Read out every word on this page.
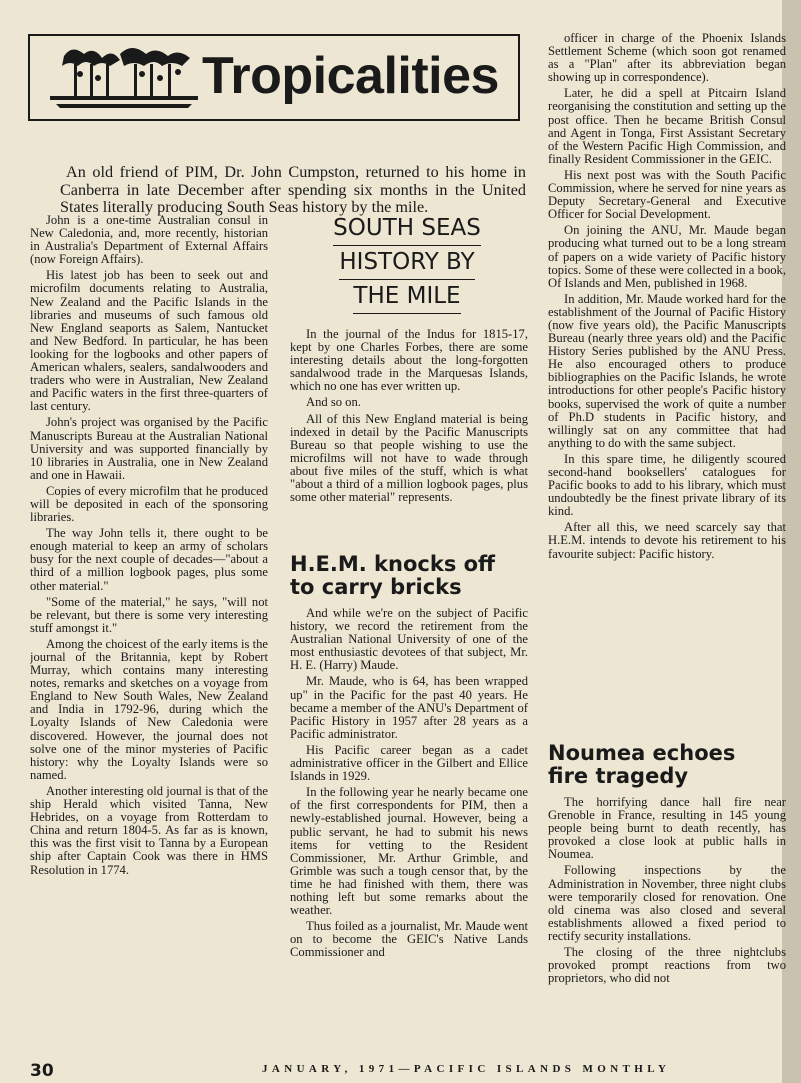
Tropicalities

An old friend of PIM, Dr. John Cumpston, returned to his home in Canberra in late December after spending six months in the United States literally producing South Seas history by the mile.

John is a one-time Australian consul in New Caledonia, and, more recently, historian in Australia's Department of External Affairs (now Foreign Affairs).

His latest job has been to seek out and microfilm documents relating to Australia, New Zealand and the Pacific Islands in the libraries and museums of such famous old New England seaports as Salem, Nantucket and New Bedford. In particular, he has been looking for the logbooks and other papers of American whalers, sealers, sandalwooders and traders who were in Australian, New Zealand and Pacific waters in the first three-quarters of last century.

John's project was organised by the Pacific Manuscripts Bureau at the Australian National University and was supported financially by 10 libraries in Australia, one in New Zealand and one in Hawaii.

Copies of every microfilm that he produced will be deposited in each of the sponsoring libraries.

The way John tells it, there ought to be enough material to keep an army of scholars busy for the next couple of decades—"about a third of a million logbook pages, plus some other material."

"Some of the material," he says, "will not be relevant, but there is some very interesting stuff amongst it."

Among the choicest of the early items is the journal of the Britannia, kept by Robert Murray, which contains many interesting notes, remarks and sketches on a voyage from England to New South Wales, New Zealand and India in 1792-96, during which the Loyalty Islands of New Caledonia were discovered. However, the journal does not solve one of the minor mysteries of Pacific history: why the Loyalty Islands were so named.

Another interesting old journal is that of the ship Herald which visited Tanna, New Hebrides, on a voyage from Rotterdam to China and return 1804-5. As far as is known, this was the first visit to Tanna by a European ship after Captain Cook was there in HMS Resolution in 1774.

SOUTH SEAS
HISTORY BY
THE MILE

In the journal of the Indus for 1815-17, kept by one Charles Forbes, there are some interesting details about the long-forgotten sandalwood trade in the Marquesas Islands, which no one has ever written up.

And so on.

All of this New England material is being indexed in detail by the Pacific Manuscripts Bureau so that people wishing to use the microfilms will not have to wade through about five miles of the stuff, which is what "about a third of a million logbook pages, plus some other material" represents.

H.E.M. knocks off
to carry bricks

And while we're on the subject of Pacific history, we record the retirement from the Australian National University of one of the most enthusiastic devotees of that subject, Mr. H. E. (Harry) Maude.

Mr. Maude, who is 64, has been wrapped up" in the Pacific for the past 40 years. He became a member of the ANU's Department of Pacific History in 1957 after 28 years as a Pacific administrator.

His Pacific career began as a cadet administrative officer in the Gilbert and Ellice Islands in 1929.

In the following year he nearly became one of the first correspondents for PIM, then a newly-established journal. However, being a public servant, he had to submit his news items for vetting to the Resident Commissioner, Mr. Arthur Grimble, and Grimble was such a tough censor that, by the time he had finished with them, there was nothing left but some remarks about the weather.

Thus foiled as a journalist, Mr. Maude went on to become the GEIC's Native Lands Commissioner and

officer in charge of the Phoenix Islands Settlement Scheme (which soon got renamed as a "Plan" after its abbreviation began showing up in correspondence).

Later, he did a spell at Pitcairn Island reorganising the constitution and setting up the post office. Then he became British Consul and Agent in Tonga, First Assistant Secretary of the Western Pacific High Commission, and finally Resident Commissioner in the GEIC.

His next post was with the South Pacific Commission, where he served for nine years as Deputy Secretary-General and Executive Officer for Social Development.

On joining the ANU, Mr. Maude began producing what turned out to be a long stream of papers on a wide variety of Pacific history topics. Some of these were collected in a book, Of Islands and Men, published in 1968.

In addition, Mr. Maude worked hard for the establishment of the Journal of Pacific History (now five years old), the Pacific Manuscripts Bureau (nearly three years old) and the Pacific History Series published by the ANU Press. He also encouraged others to produce bibliographies on the Pacific Islands, he wrote introductions for other people's Pacific history books, supervised the work of quite a number of Ph.D students in Pacific history, and willingly sat on any committee that had anything to do with the same subject.

In this spare time, he diligently scoured second-hand booksellers' catalogues for Pacific books to add to his library, which must undoubtedly be the finest private library of its kind.

After all this, we need scarcely say that H.E.M. intends to devote his retirement to his favourite subject: Pacific history.

Noumea echoes
fire tragedy

The horrifying dance hall fire near Grenoble in France, resulting in 145 young people being burnt to death recently, has provoked a close look at public halls in Noumea.

Following inspections by the Administration in November, three night clubs were temporarily closed for renovation. One old cinema was also closed and several establishments allowed a fixed period to rectify security installations.

The closing of the three nightclubs provoked prompt reactions from two proprietors, who did not

30	JANUARY, 1971—PACIFIC ISLANDS MONTHLY
